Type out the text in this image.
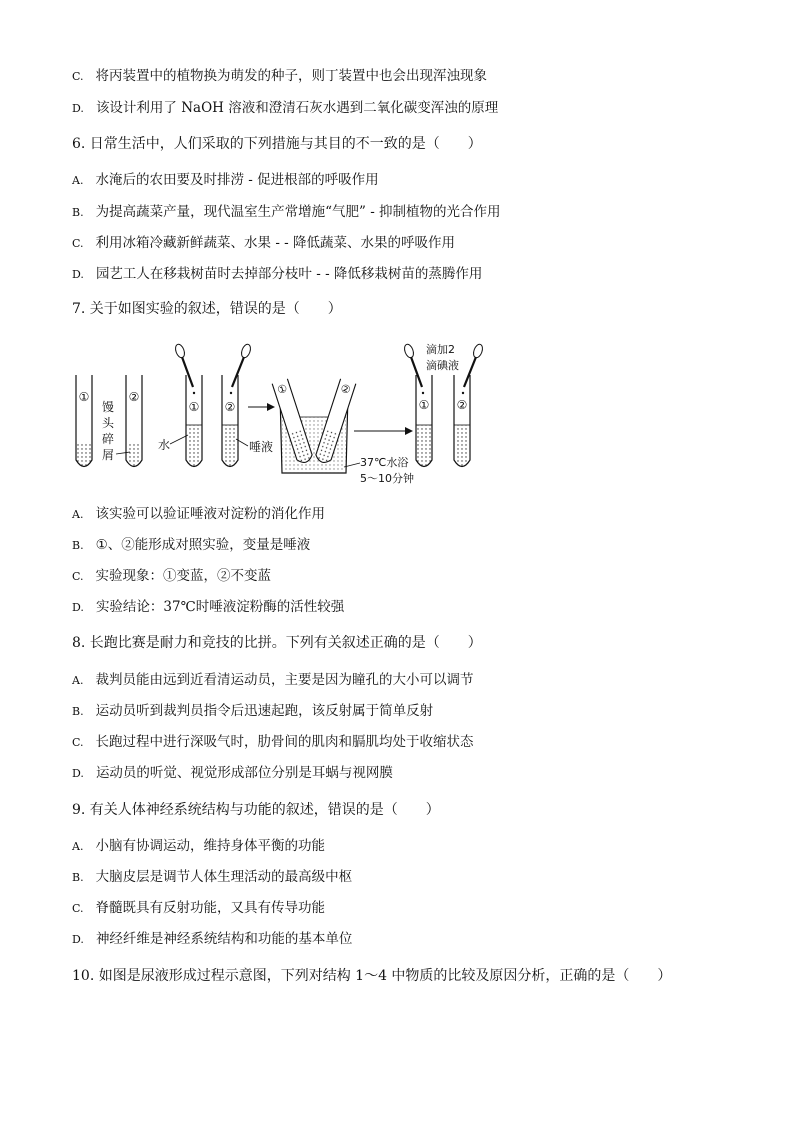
C. 将丙装置中的植物换为萌发的种子，则丁装置中也会出现浑浊现象
D. 该设计利用了 NaOH 溶液和澄清石灰水遇到二氧化碳变浑浊的原理
6. 日常生活中，人们采取的下列措施与其目的不一致的是（　　）
A. 水淹后的农田要及时排涝 - 促进根部的呼吸作用
B. 为提高蔬菜产量，现代温室生产常增施“气肥” - 抑制植物的光合作用
C. 利用冰箱冷藏新鲜蔬菜、水果 - - 降低蔬菜、水果的呼吸作用
D. 园艺工人在移栽树苗时去掉部分枝叶 - - 降低移栽树苗的蒸腾作用
7. 关于如图实验的叙述，错误的是（　　）
①	②
馒
头
碎
屑
①
水
②
唾液
①	②
37℃水浴
5～10分钟
① ②
滴加2
滴碘液
A. 该实验可以验证唾液对淀粉的消化作用
B. ①、②能形成对照实验，变量是唾液
C. 实验现象：①变蓝，②不变蓝
D. 实验结论：37℃时唾液淀粉酶的活性较强
8. 长跑比赛是耐力和竞技的比拼。下列有关叙述正确的是（　　）
A. 裁判员能由远到近看清运动员，主要是因为瞳孔的大小可以调节
B. 运动员听到裁判员指令后迅速起跑，该反射属于简单反射
C. 长跑过程中进行深吸气时，肋骨间的肌肉和膈肌均处于收缩状态
D. 运动员的听觉、视觉形成部位分别是耳蜗与视网膜
9. 有关人体神经系统结构与功能的叙述，错误的是（　　）
A. 小脑有协调运动，维持身体平衡的功能
B. 大脑皮层是调节人体生理活动的最高级中枢
C. 脊髓既具有反射功能，又具有传导功能
D. 神经纤维是神经系统结构和功能的基本单位
10. 如图是尿液形成过程示意图，下列对结构 1～4 中物质的比较及原因分析，正确的是（　　）
